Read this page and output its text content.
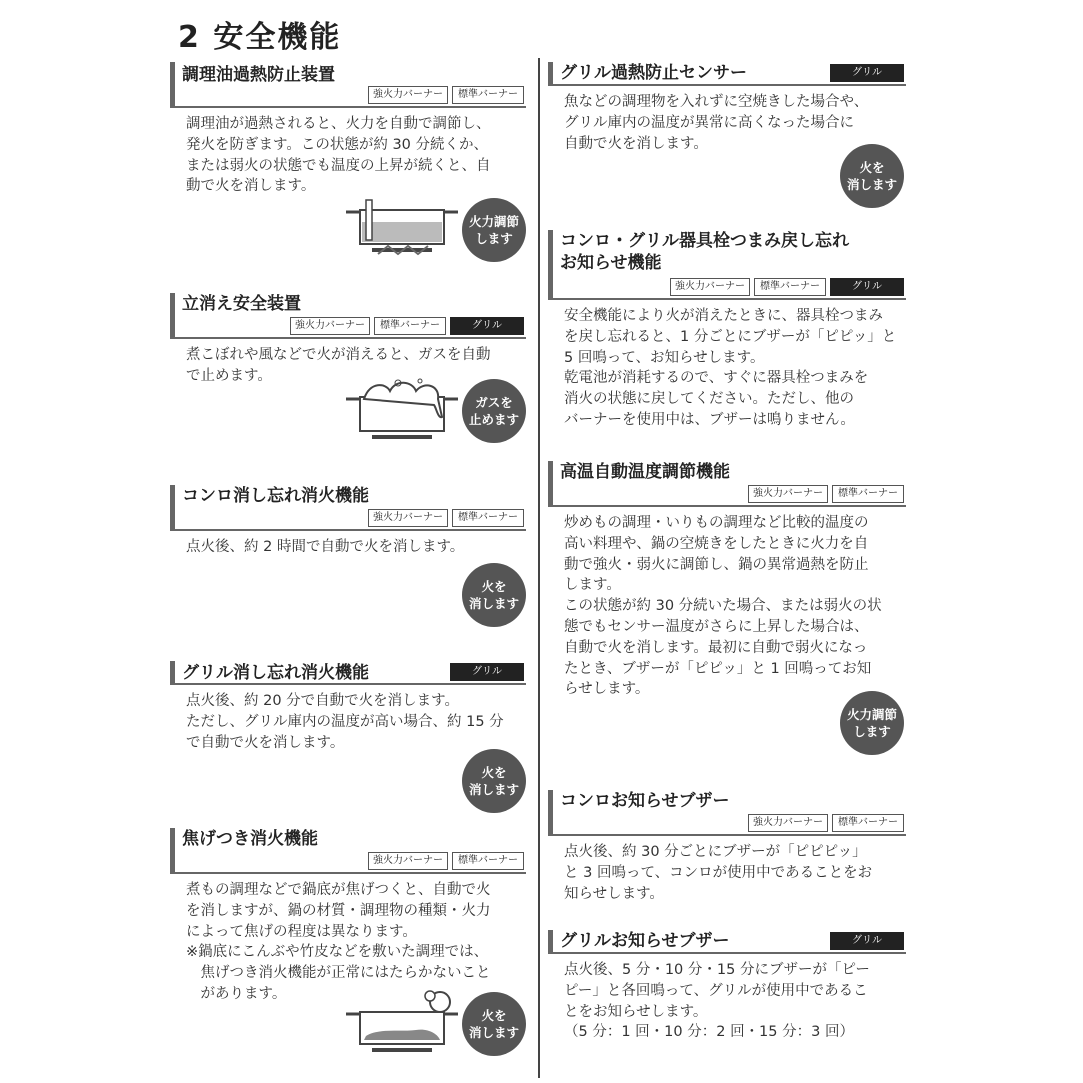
2 安全機能
調理油過熱防止装置
強火力バーナー	標準バーナー

調理油が過熱されると、火力を自動で調節し、

発火を防ぎます。この状態が約 30 分続くか、

または弱火の状態でも温度の上昇が続くと、自

動で火を消します。

火力調節
します
立消え安全装置
強火力バーナー	標準バーナー	グリル

煮こぼれや風などで火が消えると、ガスを自動

で止めます。

ガスを
止めます
コンロ消し忘れ消火機能
強火力バーナー	標準バーナー

点火後、約 2 時間で自動で火を消します。

火を
消します
グリル消し忘れ消火機能	グリル

点火後、約 20 分で自動で火を消します。

ただし、グリル庫内の温度が高い場合、約 15 分

で自動で火を消します。

火を
消します
焦げつき消火機能
強火力バーナー	標準バーナー

煮もの調理などで鍋底が焦げつくと、自動で火

を消しますが、鍋の材質・調理物の種類・火力

によって焦げの程度は異なります。

※鍋底にこんぶや竹皮などを敷いた調理では、

　焦げつき消火機能が正常にはたらかないこと

　があります。

火を
消します
グリル過熱防止センサー	グリル

魚などの調理物を入れずに空焼きした場合や、

グリル庫内の温度が異常に高くなった場合に

自動で火を消します。

火を
消します
コンロ・グリル器具栓つまみ戻し忘れ
お知らせ機能
強火力バーナー	標準バーナー	グリル

安全機能により火が消えたときに、器具栓つまみ

を戻し忘れると、1 分ごとにブザーが「ピピッ」と

5 回鳴って、お知らせします。

乾電池が消耗するので、すぐに器具栓つまみを

消火の状態に戻してください。ただし、他の

バーナーを使用中は、ブザーは鳴りません。

高温自動温度調節機能
強火力バーナー	標準バーナー

炒めもの調理・いりもの調理など比較的温度の

高い料理や、鍋の空焼きをしたときに火力を自

動で強火・弱火に調節し、鍋の異常過熱を防止

します。

この状態が約 30 分続いた場合、または弱火の状

態でもセンサー温度がさらに上昇した場合は、

自動で火を消します。最初に自動で弱火になっ

たとき、ブザーが「ピピッ」と 1 回鳴ってお知

らせします。

火力調節
します
コンロお知らせブザー
強火力バーナー	標準バーナー

点火後、約 30 分ごとにブザーが「ピピピッ」

と 3 回鳴って、コンロが使用中であることをお

知らせします。

グリルお知らせブザー	グリル

点火後、5 分・10 分・15 分にブザーが「ピー

ピー」と各回鳴って、グリルが使用中であるこ

とをお知らせします。

（5 分：1 回・10 分：2 回・15 分：3 回）
